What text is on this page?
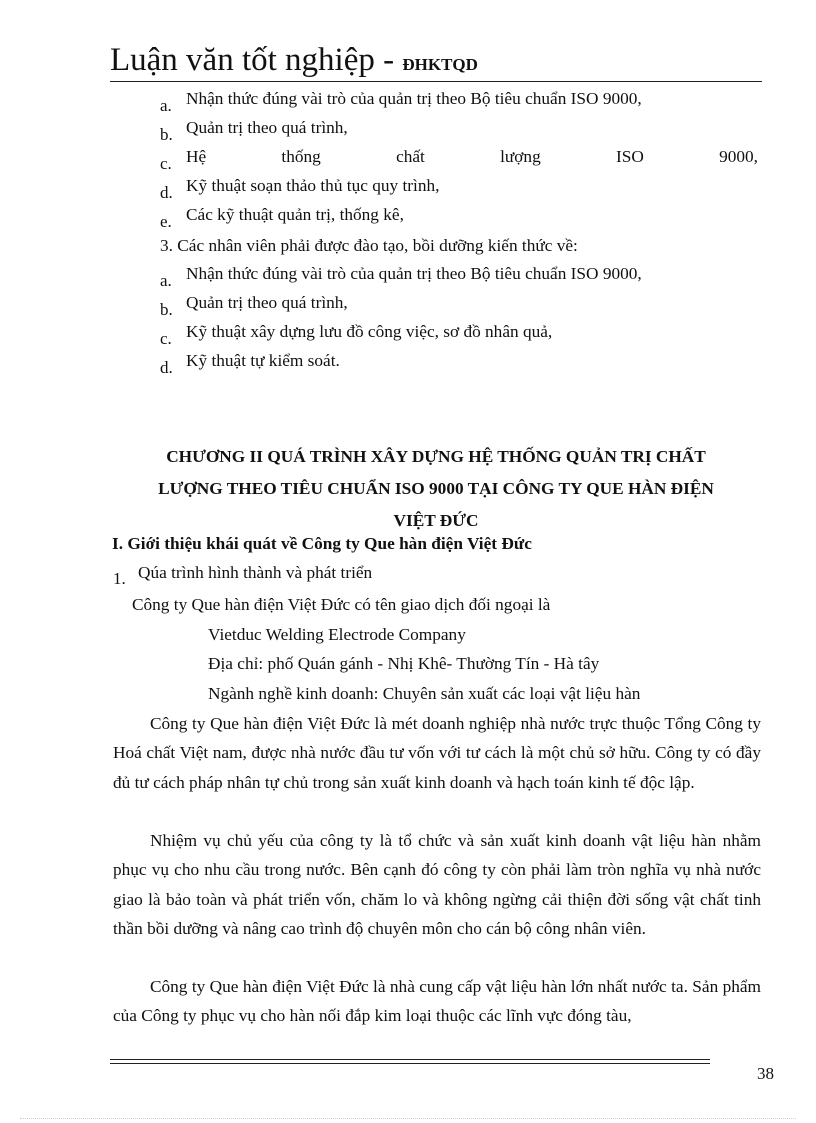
Luận văn tốt nghiệp - ĐHKTQD
a. Nhận thức đúng vài trò của quản trị theo Bộ tiêu chuẩn ISO 9000,
b. Quản trị theo quá trình,
c. Hệ	thống	chất	lượng	ISO	9000,
d. Kỹ thuật soạn thảo thủ tục quy trình,
e. Các kỹ thuật quản trị, thống kê,
3. Các nhân viên phải được đào tạo, bồi dưỡng kiến thức về:
a. Nhận thức đúng vài trò của quản trị theo Bộ tiêu chuẩn ISO 9000,
b. Quản trị theo quá trình,
c. Kỹ thuật xây dựng lưu đồ công việc, sơ đồ nhân quả,
d. Kỹ thuật tự kiểm soát.
CHƯƠNG II QUÁ TRÌNH XÂY DỰNG HỆ THỐNG QUẢN TRỊ CHẤT
LƯỢNG THEO TIÊU CHUẨN ISO 9000 TẠI CÔNG TY QUE HÀN ĐIỆN
VIỆT ĐỨC
I. Giới thiệu khái quát về Công ty Que hàn điện Việt Đức
1. Qúa trình hình thành và phát triển
Công ty Que hàn điện Việt Đức có tên giao dịch đối ngoại là
Vietduc Welding Electrode Company
Địa chỉ: phố Quán gánh - Nhị Khê- Thường Tín - Hà tây
Ngành nghề kinh doanh: Chuyên sản xuất các loại vật liệu hàn

Công ty Que hàn điện Việt Đức là mét doanh nghiệp nhà nước trực thuộc Tổng Công ty Hoá chất Việt nam, được nhà nước đầu tư vốn với tư cách là một chủ sở hữu. Công ty có đầy đủ tư cách pháp nhân tự chủ trong sản xuất kinh doanh và hạch toán kinh tế độc lập.

Nhiệm vụ chủ yếu của công ty là tổ chức và sản xuất kinh doanh vật liệu hàn nhằm phục vụ cho nhu cầu trong nước. Bên cạnh đó công ty còn phải làm tròn nghĩa vụ nhà nước giao là bảo toàn và phát triển vốn, chăm lo và không ngừng cải thiện đời sống vật chất tinh thần bồi dưỡng và nâng cao trình độ chuyên môn cho cán bộ công nhân viên.

Công ty Que hàn điện Việt Đức là nhà cung cấp vật liệu hàn lớn nhất nước ta. Sản phẩm của Công ty phục vụ cho hàn nối đắp kim loại thuộc các lĩnh vực đóng tàu,

38
